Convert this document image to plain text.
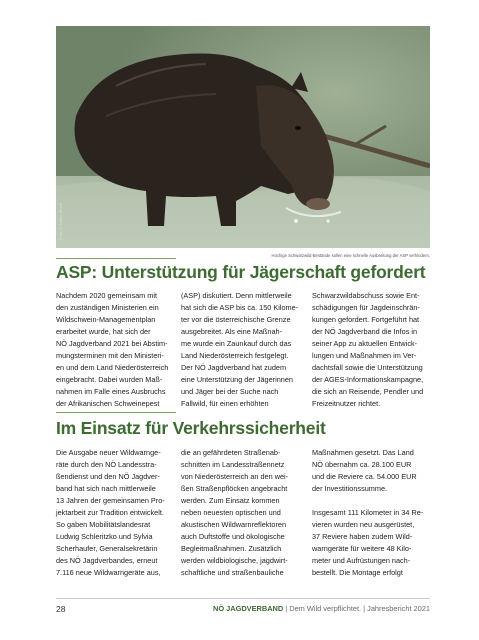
Foto: © Adobe Stock
Hochige Schwarzwild-Bestände sollen eine schnelle Ausbreitung der ASP verhindern.
ASP: Unterstützung für Jägerschaft gefordert

Nachdem 2020 gemeinsam mit

den zuständigen Ministerien ein

Wildschwein-Managementplan

erarbeitet wurde, hat sich der

NÖ Jagdverband 2021 bei Abstim-

mungsterminen mit den Ministeri-

en und dem Land Niederösterreich

eingebracht. Dabei wurden Maß-

nahmen im Falle eines Ausbruchs

der Afrikanischen Schweinepest

(ASP) diskutiert. Denn mittlerweile

hat sich die ASP bis ca. 150 Kilome-

ter vor die österreichische Grenze

ausgebreitet. Als eine Maßnah-

me wurde ein Zaunkauf durch das

Land Niederösterreich festgelegt.

Der NÖ Jagdverband hat zudem

eine Unterstützung der Jägerinnen

und Jäger bei der Suche nach

Fallwild, für einen erhöhten

Schwarzwildabschuss sowie Ent-

schädigungen für Jagdeinschrän-

kungen gefordert. Fortgeführt hat

der NÖ Jagdverband die Infos in

seiner App zu aktuellen Entwick-

lungen und Maßnahmen im Ver-

dachtsfall sowie die Unterstützung

der AGES-Informationskampagne,

die sich an Reisende, Pendler und

Freizeitnutzer richtet.

Im Einsatz für Verkehrssicherheit

Die Ausgabe neuer Wildwarnge-

räte durch den NÖ Landesstra-

ßendienst und den NÖ Jagdver-

band hat sich nach mittlerweile

13 Jahren der gemeinsamen Pro-

jektarbeit zur Tradition entwickelt.

So gaben Mobilitätslandesrat

Ludwig Schleritzko und Sylvia

Scherhaufer, Generalsekretärin

des NÖ Jagdverbandes, erneut

7.116 neue Wildwarngeräte aus,

die an gefährdeten Straßenab-

schnitten im Landesstraßennetz

von Niederösterreich an den wei-

ßen Straßenpflöcken angebracht

werden. Zum Einsatz kommen

neben neuesten optischen und

akustischen Wildwarnreflektoren

auch Duftstoffe und ökologische

Begleitmaßnahmen. Zusätzlich

werden wildbiologische, jagdwirt-

schaftliche und straßenbauliche

Maßnahmen gesetzt. Das Land

NÖ übernahm ca. 28.100 EUR

und die Reviere ca. 54.000 EUR

der Investitionssumme.

Insgesamt 111 Kilometer in 34 Re-

vieren wurden neu ausgerüstet,

37 Reviere haben zudem Wild-

warngeräte für weitere 48 Kilo-

meter und Aufrüstungen nach-

bestellt. Die Montage erfolgt

28	NÖ JAGDVERBAND | Dem Wild verpflichtet. | Jahresbericht 2021
